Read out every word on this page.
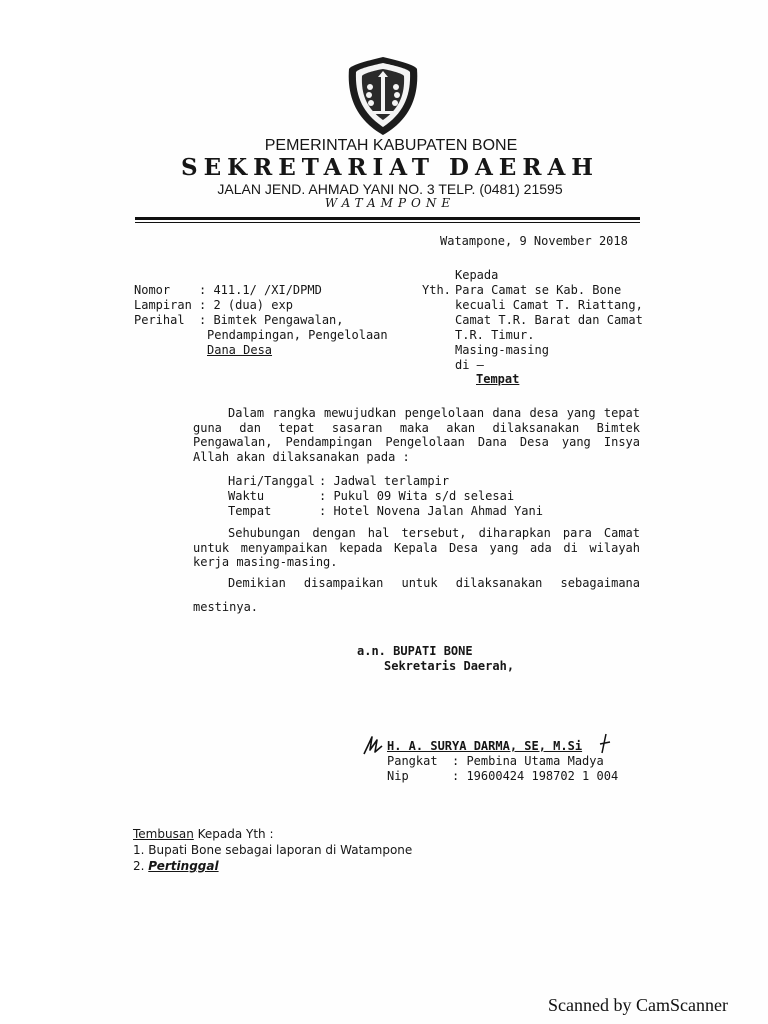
PEMERINTAH KABUPATEN BONE
SEKRETARIAT DAERAH
JALAN JEND. AHMAD YANI NO. 3 TELP. (0481) 21595
WATAMPONE
Watampone, 9 November 2018
Nomor : 411.1/ /XI/DPMD
Lampiran : 2 (dua) exp
Perihal : Bimtek Pengawalan,
Pendampingan, Pengelolaan
Dana Desa
Kepada
Yth. Para Camat se Kab. Bone
kecuali Camat T. Riattang,
Camat T.R. Barat dan Camat
T.R. Timur.
Masing-masing
di –
Tempat
Dalam rangka mewujudkan pengelolaan dana desa yang tepat guna dan tepat sasaran maka akan dilaksanakan Bimtek Pengawalan, Pendampingan Pengelolaan Dana Desa yang Insya Allah akan dilaksanakan pada :
Hari/Tanggal : Jadwal terlampir
Waktu	: Pukul 09 Wita s/d selesai
Tempat	: Hotel Novena Jalan Ahmad Yani
Sehubungan dengan hal tersebut, diharapkan para Camat untuk menyampaikan kepada Kepala Desa yang ada di wilayah kerja masing-masing.
Demikian disampaikan untuk dilaksanakan sebagaimana
mestinya.
a.n. BUPATI BONE
Sekretaris Daerah,
H. A. SURYA DARMA, SE, M.Si
Pangkat : Pembina Utama Madya
Nip	: 19600424 198702 1 004
Tembusan Kepada Yth :
1. Bupati Bone sebagai laporan di Watampone
2. Pertinggal
Scanned by CamScanner
